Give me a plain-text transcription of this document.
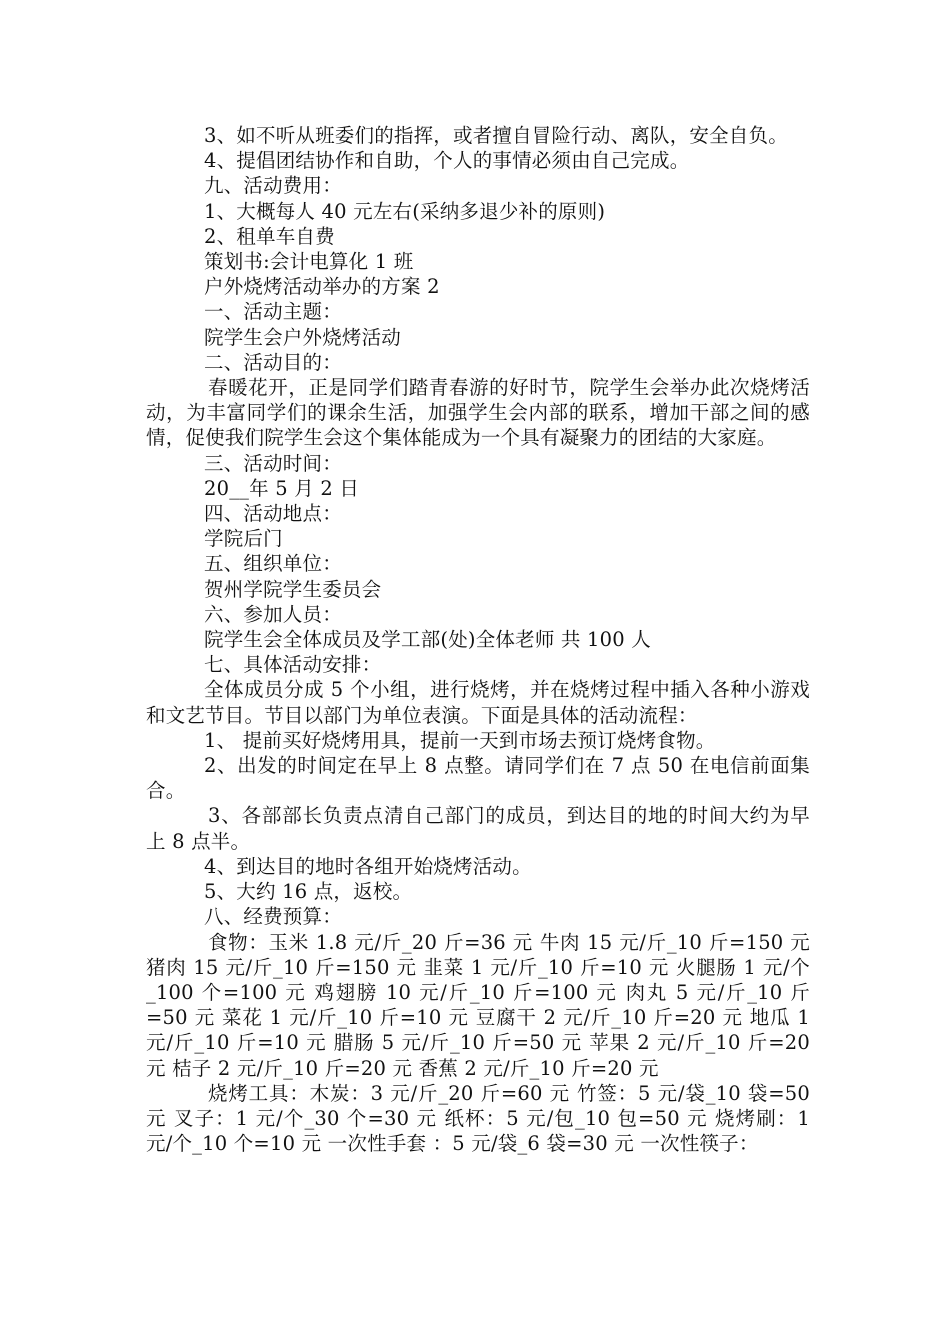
3、如不听从班委们的指挥，或者擅自冒险行动、离队，安全自负。

4、提倡团结协作和自助，个人的事情必须由自己完成。

九、活动费用：

1、大概每人 40 元左右(采纳多退少补的原则)

2、租单车自费

策划书:会计电算化 1 班

户外烧烤活动举办的方案 2

一、活动主题：

院学生会户外烧烤活动

二、活动目的：

春暖花开，正是同学们踏青春游的好时节，院学生会举办此次烧烤活动，为丰富同学们的课余生活，加强学生会内部的联系，增加干部之间的感情，促使我们院学生会这个集体能成为一个具有凝聚力的团结的大家庭。

三、活动时间：

20__年 5 月 2 日

四、活动地点：

学院后门

五、组织单位：

贺州学院学生委员会

六、参加人员：

院学生会全体成员及学工部(处)全体老师 共 100 人

七、具体活动安排：

全体成员分成 5 个小组，进行烧烤，并在烧烤过程中插入各种小游戏和文艺节目。节目以部门为单位表演。下面是具体的活动流程：

1、 提前买好烧烤用具，提前一天到市场去预订烧烤食物。

2、出发的时间定在早上 8 点整。请同学们在 7 点 50 在电信前面集合。

3、各部部长负责点清自己部门的成员，到达目的地的时间大约为早上 8 点半。

4、到达目的地时各组开始烧烤活动。

5、大约 16 点，返校。

八、经费预算：

食物：玉米 1.8 元/斤_20 斤=36 元 牛肉 15 元/斤_10 斤=150 元 猪肉 15 元/斤_10 斤=150 元 韭菜 1 元/斤_10 斤=10 元 火腿肠 1 元/个_100 个=100 元 鸡翅膀 10 元/斤_10 斤=100 元 肉丸 5 元/斤_10 斤=50 元 菜花 1 元/斤_10 斤=10 元 豆腐干 2 元/斤_10 斤=20 元 地瓜 1 元/斤_10 斤=10 元 腊肠 5 元/斤_10 斤=50 元 苹果 2 元/斤_10 斤=20 元 桔子 2 元/斤_10 斤=20 元 香蕉 2 元/斤_10 斤=20 元

烧烤工具：木炭：3 元/斤_20 斤=60 元 竹签：5 元/袋_10 袋=50 元 叉子：1 元/个_30 个=30 元 纸杯：5 元/包_10 包=50 元 烧烤刷：1 元/个_10 个=10 元 一次性手套 ：5 元/袋_6 袋=30 元 一次性筷子：
